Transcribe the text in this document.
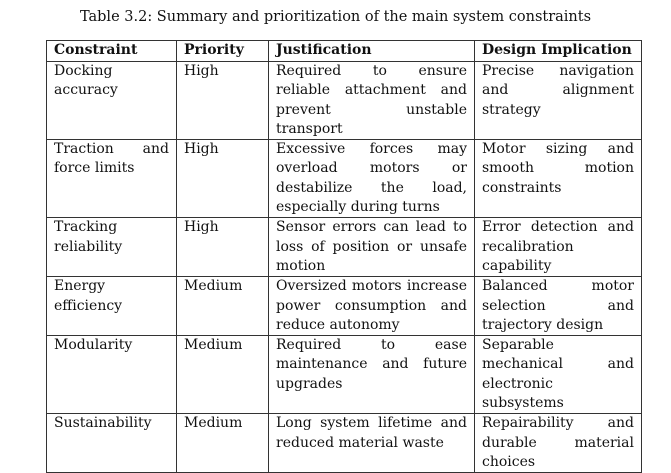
Table 3.2: Summary and prioritization of the main system constraints
Constraint	Priority	Justification	Design Implication
Docking accuracy	High	Required to ensure reliable attachment and prevent unstable transport	Precise navigation and alignment strategy
Traction and force limits	High	Excessive forces may overload motors or destabilize the load, especially during turns	Motor sizing and smooth motion constraints
Tracking reliability	High	Sensor errors can lead to loss of position or unsafe motion	Error detection and recalibration capability
Energy efficiency	Medium	Oversized motors increase power consumption and reduce autonomy	Balanced motor selection and trajectory design
Modularity	Medium	Required to ease maintenance and future upgrades	Separable mechanical and electronic subsystems
Sustainability	Medium	Long system lifetime and reduced material waste	Repairability and durable material choices
